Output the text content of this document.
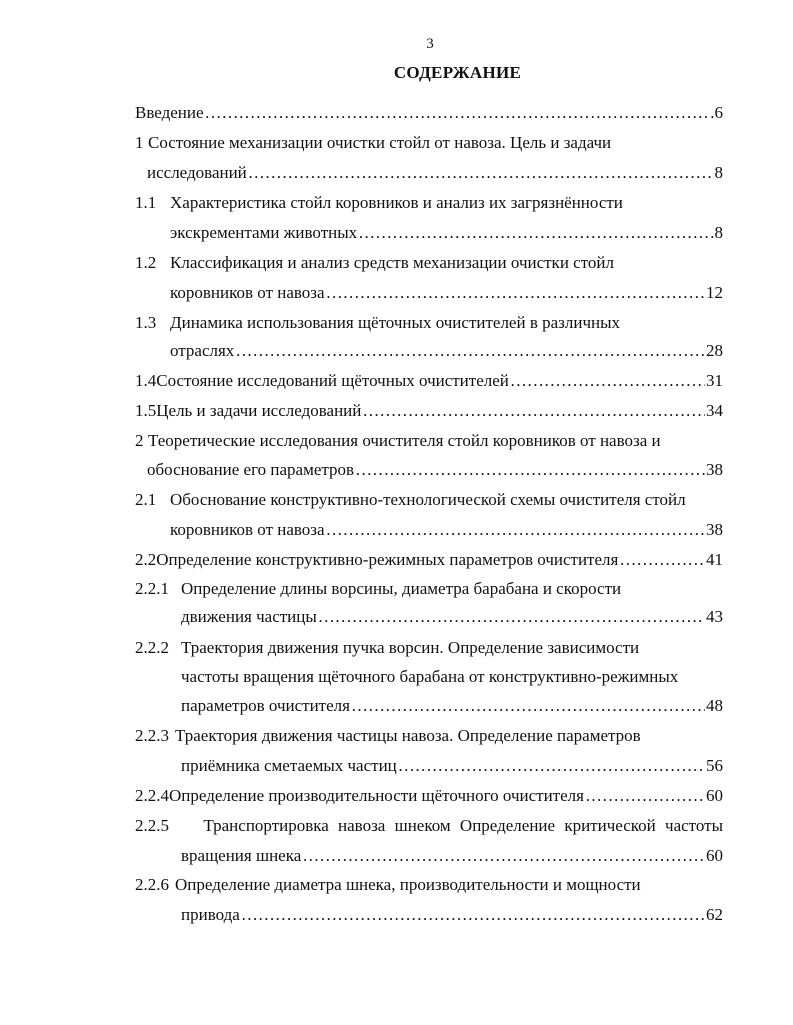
3
СОДЕРЖАНИЕ
Введение …………………………………………………………………………………………………………………………………………………………………………………………………	.6
1 Состояние механизации очистки стойл от навоза. Цель и задачи
исследований …………………………………………………………………………………………………………………………………………………………………………………………………	8
1.1 Характеристика стойл коровников и анализ их загрязнённости
экскрементами животных …………………………………………………………………………………………………………………………………………………………………………………………………	8
1.2 Классификация и анализ средств механизации очистки стойл
коровников от навоза …………………………………………………………………………………………………………………………………………………………………………………………………	12
1.3 Динамика использования щёточных очистителей в различных
отраслях …………………………………………………………………………………………………………………………………………………………………………………………………	28
1.4 Состояние исследований щёточных очистителей …………………………………………………………………………………………………………………………………………………………………………………………………	31
1.5 Цель и задачи исследований …………………………………………………………………………………………………………………………………………………………………………………………………	34
2 Теоретические исследования очистителя стойл коровников от навоза и
обоснование его параметров …………………………………………………………………………………………………………………………………………………………………………………………………	38
2.1 Обоснование конструктивно-технологической схемы очистителя стойл
коровников от навоза …………………………………………………………………………………………………………………………………………………………………………………………………	38
2.2 Определение конструктивно-режимных параметров очистителя …………………………………………………………………………………………………………………………………………………………………………………………………	41
2.2.1 Определение длины ворсины, диаметра барабана и скорости
движения частицы …………………………………………………………………………………………………………………………………………………………………………………………………	43
2.2.2 Траектория движения пучка ворсин. Определение зависимости
частоты вращения щёточного барабана от конструктивно-режимных
параметров очистителя …………………………………………………………………………………………………………………………………………………………………………………………………	48
2.2.3 Траектория движения частицы навоза. Определение параметров
приёмника сметаемых частиц …………………………………………………………………………………………………………………………………………………………………………………………………	56
2.2.4 Определение производительности щёточного очистителя …………………………………………………………………………………………………………………………………………………………………………………………………	60
2.2.5	Транспортировка навоза шнеком Определение критической частоты
вращения шнека …………………………………………………………………………………………………………………………………………………………………………………………………	60
2.2.6 Определение диаметра шнека, производительности и мощности
привода …………………………………………………………………………………………………………………………………………………………………………………………………	62
